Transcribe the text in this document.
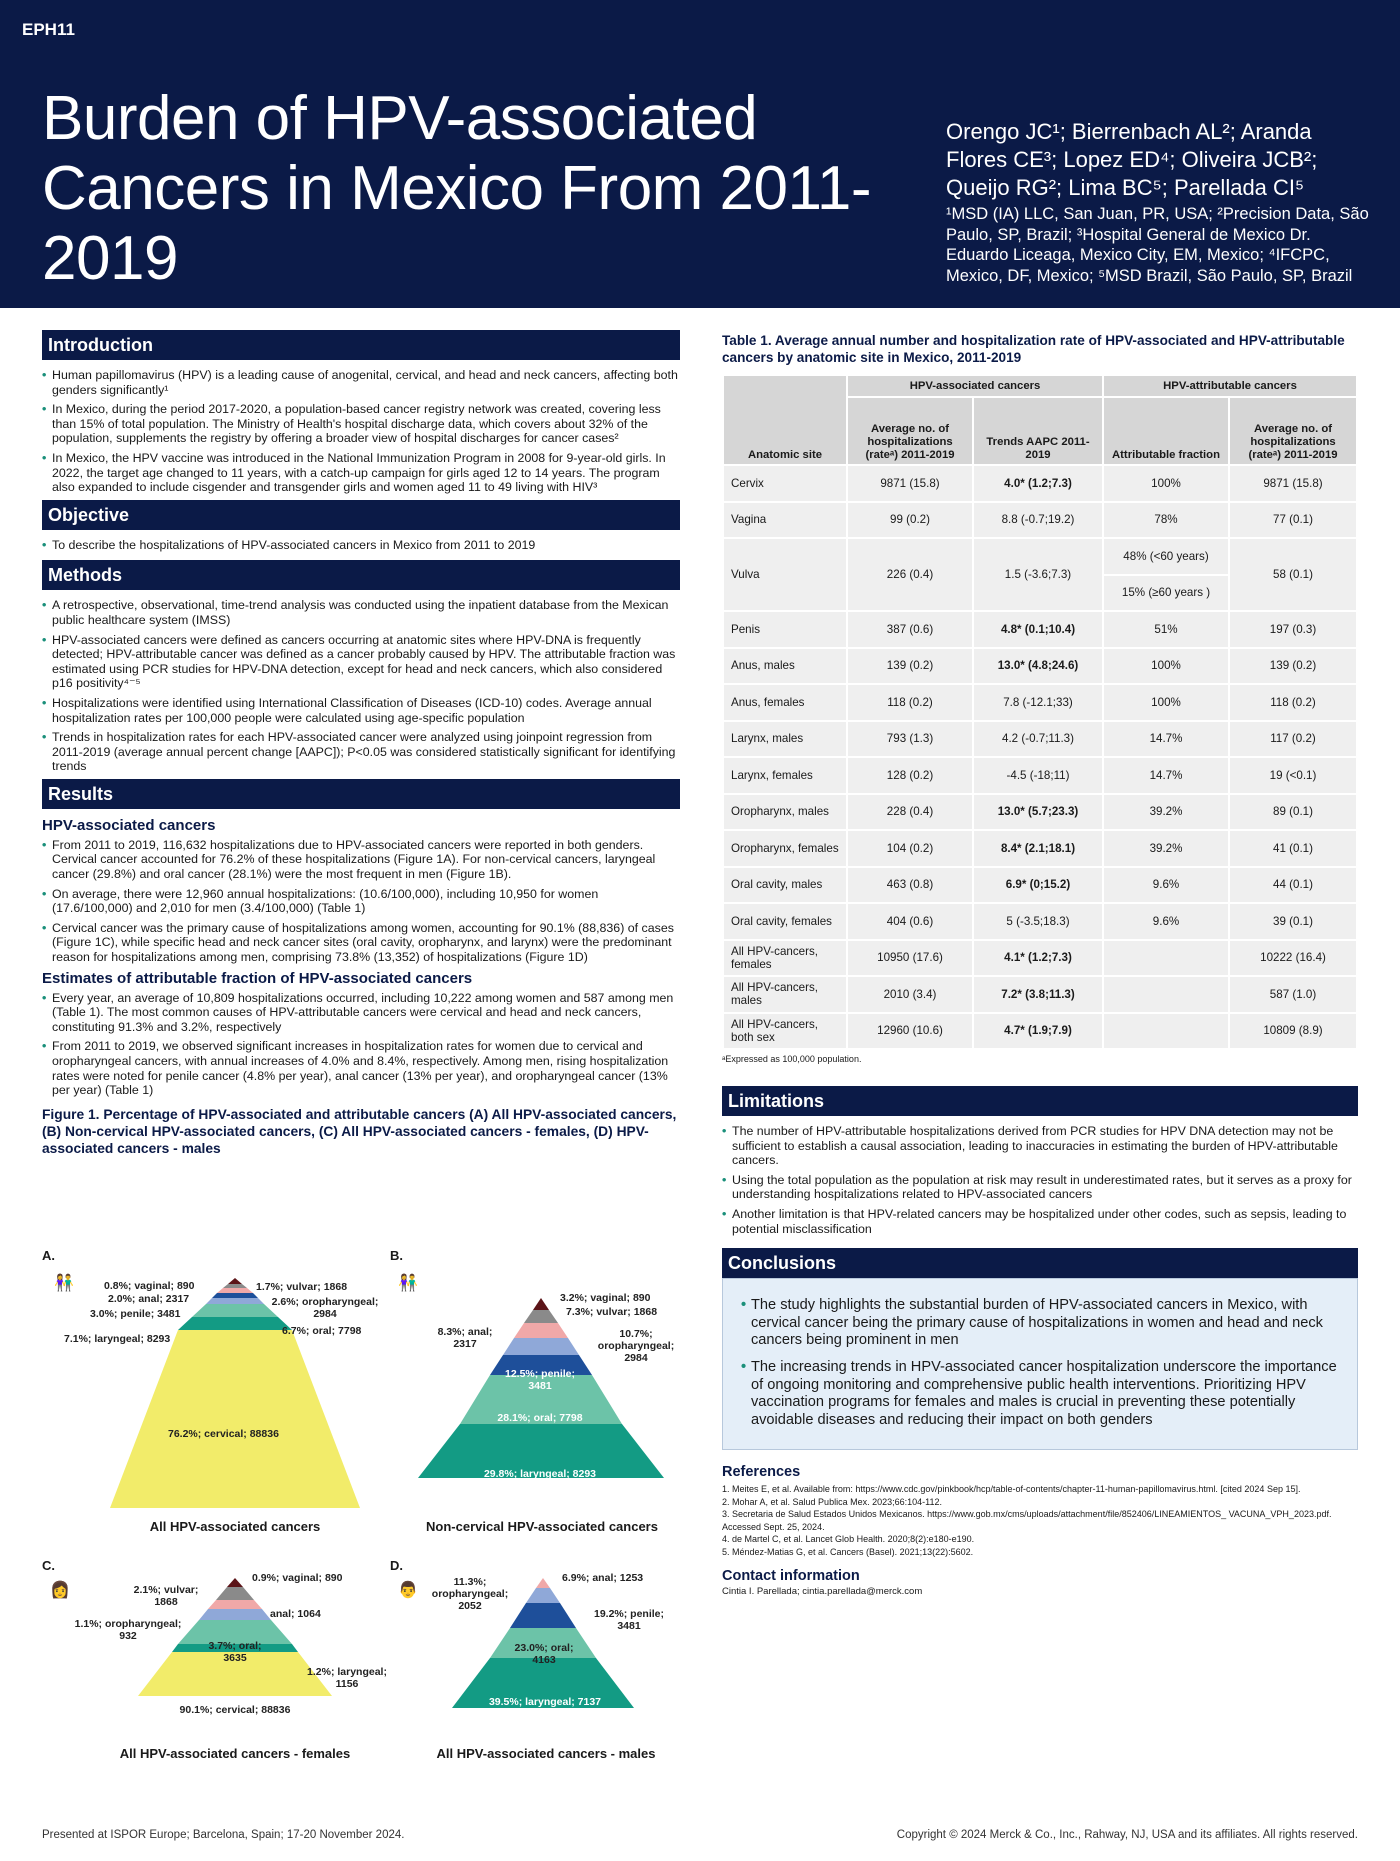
EPH11
Burden of HPV-associated Cancers in Mexico From 2011-2019
Orengo JC¹; Bierrenbach AL²; Aranda Flores CE³; Lopez ED⁴; Oliveira JCB²; Queijo RG²; Lima BC⁵; Parellada CI⁵
¹MSD (IA) LLC, San Juan, PR, USA; ²Precision Data, São Paulo, SP, Brazil; ³Hospital General de Mexico Dr. Eduardo Liceaga, Mexico City, EM, Mexico; ⁴IFCPC, Mexico, DF, Mexico; ⁵MSD Brazil, São Paulo, SP, Brazil
Introduction
• Human papillomavirus (HPV) is a leading cause of anogenital, cervical, and head and neck cancers, affecting both genders significantly¹
• In Mexico, during the period 2017-2020, a population-based cancer registry network was created, covering less than 15% of total population. The Ministry of Health's hospital discharge data, which covers about 32% of the population, supplements the registry by offering a broader view of hospital discharges for cancer cases²
• In Mexico, the HPV vaccine was introduced in the National Immunization Program in 2008 for 9-year-old girls. In 2022, the target age changed to 11 years, with a catch-up campaign for girls aged 12 to 14 years. The program also expanded to include cisgender and transgender girls and women aged 11 to 49 living with HIV³
Objective
• To describe the hospitalizations of HPV-associated cancers in Mexico from 2011 to 2019
Methods
• A retrospective, observational, time-trend analysis was conducted using the inpatient database from the Mexican public healthcare system (IMSS)
• HPV-associated cancers were defined as cancers occurring at anatomic sites where HPV-DNA is frequently detected; HPV-attributable cancer was defined as a cancer probably caused by HPV. The attributable fraction was estimated using PCR studies for HPV-DNA detection, except for head and neck cancers, which also considered p16 positivity⁴⁻⁵
• Hospitalizations were identified using International Classification of Diseases (ICD-10) codes. Average annual hospitalization rates per 100,000 people were calculated using age-specific population
• Trends in hospitalization rates for each HPV-associated cancer were analyzed using joinpoint regression from 2011-2019 (average annual percent change [AAPC]); P<0.05 was considered statistically significant for identifying trends
Results
HPV-associated cancers
• From 2011 to 2019, 116,632 hospitalizations due to HPV-associated cancers were reported in both genders. Cervical cancer accounted for 76.2% of these hospitalizations (Figure 1A). For non-cervical cancers, laryngeal cancer (29.8%) and oral cancer (28.1%) were the most frequent in men (Figure 1B).
• On average, there were 12,960 annual hospitalizations: (10.6/100,000), including 10,950 for women (17.6/100,000) and 2,010 for men (3.4/100,000) (Table 1)
• Cervical cancer was the primary cause of hospitalizations among women, accounting for 90.1% (88,836) of cases (Figure 1C), while specific head and neck cancer sites (oral cavity, oropharynx, and larynx) were the predominant reason for hospitalizations among men, comprising 73.8% (13,352) of hospitalizations (Figure 1D)
Estimates of attributable fraction of HPV-associated cancers
• Every year, an average of 10,809 hospitalizations occurred, including 10,222 among women and 587 among men (Table 1). The most common causes of HPV-attributable cancers were cervical and head and neck cancers, constituting 91.3% and 3.2%, respectively
• From 2011 to 2019, we observed significant increases in hospitalization rates for women due to cervical and oropharyngeal cancers, with annual increases of 4.0% and 8.4%, respectively. Among men, rising hospitalization rates were noted for penile cancer (4.8% per year), anal cancer (13% per year), and oropharyngeal cancer (13% per year) (Table 1)
Figure 1. Percentage of HPV-associated and attributable cancers (A) All HPV-associated cancers, (B) Non-cervical HPV-associated cancers, (C) All HPV-associated cancers - females, (D) HPV-associated cancers - males
A.
👫	0.8%; vaginal; 890
2.0%; anal; 2317
3.0%; penile; 3481
7.1%; laryngeal; 8293
1.7%; vulvar; 1868
2.6%; oropharyngeal; 2984
6.7%; oral; 7798
76.2%; cervical; 88836
All HPV-associated cancers
B.
👫
3.2%; vaginal; 890
7.3%; vulvar; 1868
8.3%; anal; 2317
10.7%; oropharyngeal; 2984
12.5%; penile; 3481
28.1%; oral; 7798
29.8%; laryngeal; 8293
Non-cervical HPV-associated cancers
C.
👩
0.9%; vaginal; 890
2.1%; vulvar; 1868
anal; 1064
1.1%; oropharyngeal; 932
3.7%; oral; 3635
1.2%; laryngeal; 1156
90.1%; cervical; 88836
All HPV-associated cancers - females
D.
👨
6.9%; anal; 1253
11.3%; oropharyngeal; 2052
19.2%; penile; 3481
23.0%; oral; 4163
39.5%; laryngeal; 7137
All HPV-associated cancers - males
Table 1. Average annual number and hospitalization rate of HPV-associated and HPV-attributable cancers by anatomic site in Mexico, 2011-2019
Anatomic site	HPV-associated cancers		HPV-attributable cancers	
	Average no. of hospitalizations (rateᵃ) 2011-2019	Trends AAPC 2011-2019	Attributable fraction	Average no. of hospitalizations (rateᵃ) 2011-2019
Cervix	9871 (15.8)	4.0* (1.2;7.3)	100%	9871 (15.8)
Vagina	99 (0.2)	8.8 (-0.7;19.2)	78%	77 (0.1)
Vulva	226 (0.4)	1.5 (-3.6;7.3)	48% (<60 years)	58 (0.1)
			15% (≥60 years )	
Penis	387 (0.6)	4.8* (0.1;10.4)	51%	197 (0.3)
Anus, males	139 (0.2)	13.0* (4.8;24.6)	100%	139 (0.2)
Anus, females	118 (0.2)	7.8 (-12.1;33)	100%	118 (0.2)
Larynx, males	793 (1.3)	4.2 (-0.7;11.3)	14.7%	117 (0.2)
Larynx, females	128 (0.2)	-4.5 (-18;11)	14.7%	19 (<0.1)
Oropharynx, males	228 (0.4)	13.0* (5.7;23.3)	39.2%	89 (0.1)
Oropharynx, females	104 (0.2)	8.4* (2.1;18.1)	39.2%	41 (0.1)
Oral cavity, males	463 (0.8)	6.9* (0;15.2)	9.6%	44 (0.1)
Oral cavity, females	404 (0.6)	5 (-3.5;18.3)	9.6%	39 (0.1)
All HPV-cancers, females	10950 (17.6)	4.1* (1.2;7.3)		10222 (16.4)
All HPV-cancers, males	2010 (3.4)	7.2* (3.8;11.3)		587 (1.0)
All HPV-cancers, both sex	12960 (10.6)	4.7* (1.9;7.9)		10809 (8.9)
ᵃExpressed as 100,000 population.
Limitations
• The number of HPV-attributable hospitalizations derived from PCR studies for HPV DNA detection may not be sufficient to establish a causal association, leading to inaccuracies in estimating the burden of HPV-attributable cancers.
• Using the total population as the population at risk may result in underestimated rates, but it serves as a proxy for understanding hospitalizations related to HPV-associated cancers
• Another limitation is that HPV-related cancers may be hospitalized under other codes, such as sepsis, leading to potential misclassification
Conclusions
• The study highlights the substantial burden of HPV-associated cancers in Mexico, with cervical cancer being the primary cause of hospitalizations in women and head and neck cancers being prominent in men
• The increasing trends in HPV-associated cancer hospitalization underscore the importance of ongoing monitoring and comprehensive public health interventions. Prioritizing HPV vaccination programs for females and males is crucial in preventing these potentially avoidable diseases and reducing their impact on both genders
References
1. Meites E, et al. Available from: https://www.cdc.gov/pinkbook/hcp/table-of-contents/chapter-11-human-papillomavirus.html. [cited 2024 Sep 15].
2. Mohar A, et al. Salud Publica Mex. 2023;66:104-112.
3. Secretaria de Salud Estados Unidos Mexicanos. https://www.gob.mx/cms/uploads/attachment/file/852406/LINEAMIENTOS_ VACUNA_VPH_2023.pdf. Accessed Sept. 25, 2024.
4. de Martel C, et al. Lancet Glob Health. 2020;8(2):e180-e190.
5. Méndez-Matias G, et al. Cancers (Basel). 2021;13(22):5602.
Contact information
Cintia I. Parellada; cintia.parellada@merck.com
Presented at ISPOR Europe; Barcelona, Spain; 17-20 November 2024.	Copyright © 2024 Merck & Co., Inc., Rahway, NJ, USA and its affiliates. All rights reserved.
